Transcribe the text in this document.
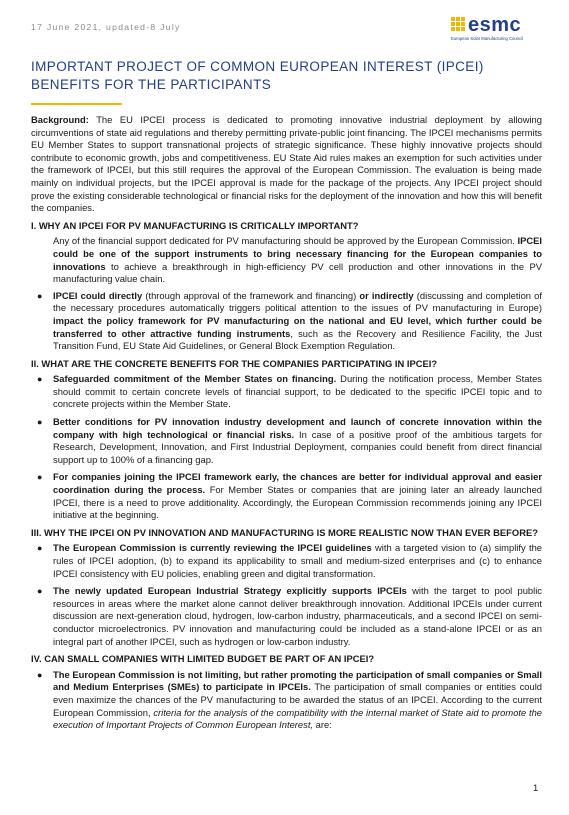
17 June 2021, updated-8 July	esmc
European Solar Manufacturing Council
IMPORTANT PROJECT OF COMMON EUROPEAN INTEREST (IPCEI)
BENEFITS FOR THE PARTICIPANTS

Background: The EU IPCEI process is dedicated to promoting innovative industrial deployment by allowing circumventions of state aid regulations and thereby permitting private-public joint financing. The IPCEI mechanisms permits EU Member States to support transnational projects of strategic significance. These highly innovative projects should contribute to economic growth, jobs and competitiveness. EU State Aid rules makes an exemption for such activities under the framework of IPCEI, but this still requires the approval of the European Commission. The evaluation is being made mainly on individual projects, but the IPCEI approval is made for the package of the projects. Any IPCEI project should prove the existing considerable technological or financial risks for the deployment of the innovation and how this will benefit the companies.

I. WHY AN IPCEI FOR PV MANUFACTURING IS CRITICALLY IMPORTANT?
Any of the financial support dedicated for PV manufacturing should be approved by the European Commission. IPCEI could be one of the support instruments to bring necessary financing for the European companies to innovations to achieve a breakthrough in high-efficiency PV cell production and other innovations in the PV manufacturing value chain.
● IPCEI could directly (through approval of the framework and financing) or indirectly (discussing and completion of the necessary procedures automatically triggers political attention to the issues of PV manufacturing in Europe) impact the policy framework for PV manufacturing on the national and EU level, which further could be transferred to other attractive funding instruments, such as the Recovery and Resilience Facility, the Just Transition Fund, EU State Aid Guidelines, or General Block Exemption Regulation.
II. WHAT ARE THE CONCRETE BENEFITS FOR THE COMPANIES PARTICIPATING IN IPCEI?
● Safeguarded commitment of the Member States on financing. During the notification process, Member States should commit to certain concrete levels of financial support, to be dedicated to the specific IPCEI topic and to concrete projects within the Member State.
● Better conditions for PV innovation industry development and launch of concrete innovation within the company with high technological or financial risks. In case of a positive proof of the ambitious targets for Research, Development, Innovation, and First Industrial Deployment, companies could benefit from direct financial support up to 100% of a financing gap.
● For companies joining the IPCEI framework early, the chances are better for individual approval and easier coordination during the process. For Member States or companies that are joining later an already launched IPCEI, there is a need to prove additionality. Accordingly, the European Commission recommends joining any IPCEI initiative at the beginning.
III. WHY THE IPCEI ON PV INNOVATION AND MANUFACTURING IS MORE REALISTIC NOW THAN EVER BEFORE?
● The European Commission is currently reviewing the IPCEI guidelines with a targeted vision to (a) simplify the rules of IPCEI adoption, (b) to expand its applicability to small and medium-sized enterprises and (c) to enhance IPCEI consistency with EU policies, enabling green and digital transformation.
● The newly updated European Industrial Strategy explicitly supports IPCEIs with the target to pool public resources in areas where the market alone cannot deliver breakthrough innovation. Additional IPCEIs under current discussion are next-generation cloud, hydrogen, low-carbon industry, pharmaceuticals, and a second IPCEI on semi-conductor microelectronics. PV innovation and manufacturing could be included as a stand-alone IPCEI or as an integral part of another IPCEI, such as hydrogen or low-carbon industry.
IV. CAN SMALL COMPANIES WITH LIMITED BUDGET BE PART OF AN IPCEI?
● The European Commission is not limiting, but rather promoting the participation of small companies or Small and Medium Enterprises (SMEs) to participate in IPCEIs. The participation of small companies or entities could even maximize the chances of the PV manufacturing to be awarded the status of an IPCEI. According to the current European Commission, criteria for the analysis of the compatibility with the internal market of State aid to promote the execution of Important Projects of Common European Interest, are:
1
